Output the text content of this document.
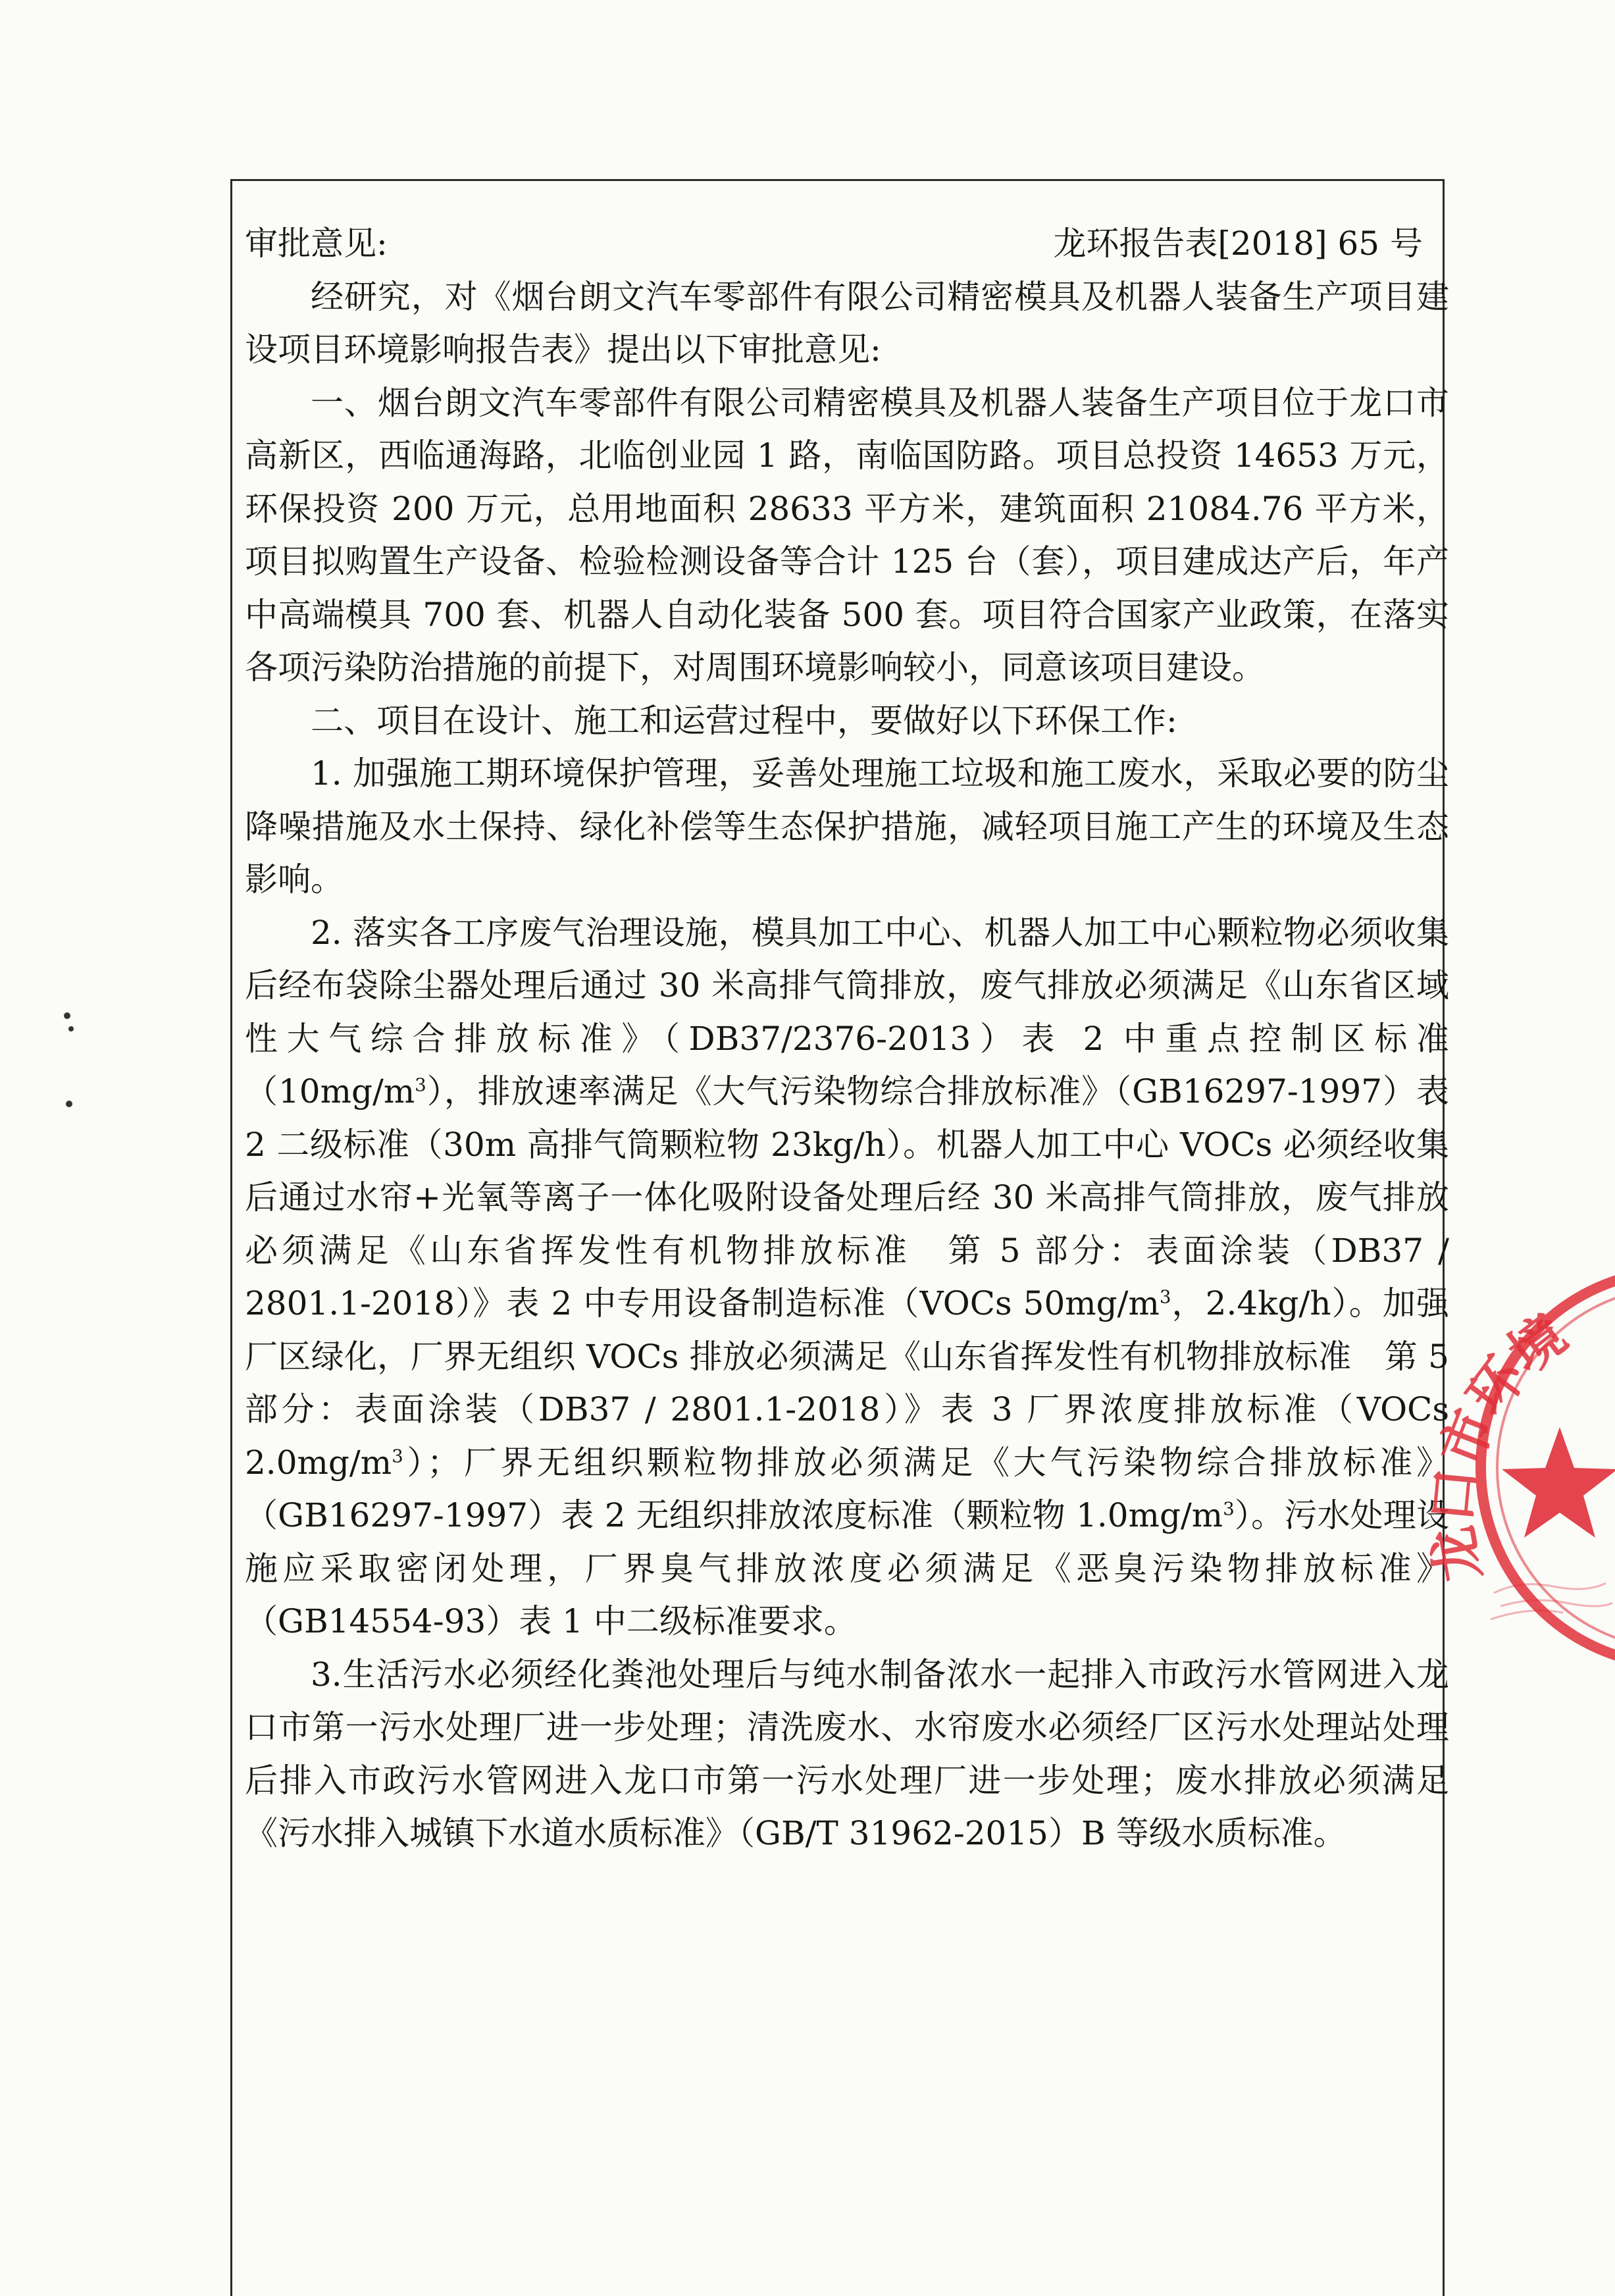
审批意见:	龙环报告表[2018] 65 号

经研究，对《烟台朗文汽车零部件有限公司精密模具及机器人装备生产项目建设项目环境影响报告表》提出以下审批意见:

一、烟台朗文汽车零部件有限公司精密模具及机器人装备生产项目位于龙口市高新区，西临通海路，北临创业园 1 路，南临国防路。项目总投资 14653 万元，环保投资 200 万元，总用地面积 28633 平方米，建筑面积 21084.76 平方米，项目拟购置生产设备、检验检测设备等合计 125 台（套），项目建成达产后，年产中高端模具 700 套、机器人自动化装备 500 套。项目符合国家产业政策，在落实各项污染防治措施的前提下，对周围环境影响较小，同意该项目建设。

二、项目在设计、施工和运营过程中，要做好以下环保工作:

1. 加强施工期环境保护管理，妥善处理施工垃圾和施工废水，采取必要的防尘降噪措施及水土保持、绿化补偿等生态保护措施，减轻项目施工产生的环境及生态影响。

2. 落实各工序废气治理设施，模具加工中心、机器人加工中心颗粒物必须收集后经布袋除尘器处理后通过 30 米高排气筒排放，废气排放必须满足《山东省区域性大气综合排放标准》（DB37/2376-2013）表 2 中重点控制区标准$(10mg/m^3)$，排放速率满足《大气污染物综合排放标准》（GB16297-1997）表 2 二级标准（30m 高排气筒颗粒物 23kg/h）。机器人加工中心 VOCs 必须经收集后通过水帘+光氧等离子一体化吸附设备处理后经 30 米高排气筒排放，废气排放必须满足《山东省挥发性有机物排放标准　第 5 部分：表面涂装（DB37 / 2801.1-2018）》表 2 中专用设备制造标准（VOCs $50mg/m^3$，2.4kg/h）。加强厂区绿化，厂界无组织 VOCs 排放必须满足《山东省挥发性有机物排放标准　第 5 部分：表面涂装（DB37 / 2801.1-2018）》表 3 厂界浓度排放标准（VOCs $2.0mg/m^3$）；厂界无组织颗粒物排放必须满足《大气污染物综合排放标准》（GB16297-1997）表 2 无组织排放浓度标准（颗粒物 $1.0mg/m^3$）。污水处理设施应采取密闭处理，厂界臭气排放浓度必须满足《恶臭污染物排放标准》（GB14554-93）表 1 中二级标准要求。

3.生活污水必须经化粪池处理后与纯水制备浓水一起排入市政污水管网进入龙口市第一污水处理厂进一步处理；清洗废水、水帘废水必须经厂区污水处理站处理后排入市政污水管网进入龙口市第一污水处理厂进一步处理；废水排放必须满足《污水排入城镇下水道水质标准》（GB/T 31962-2015）B 等级水质标准。

龙口市环境
